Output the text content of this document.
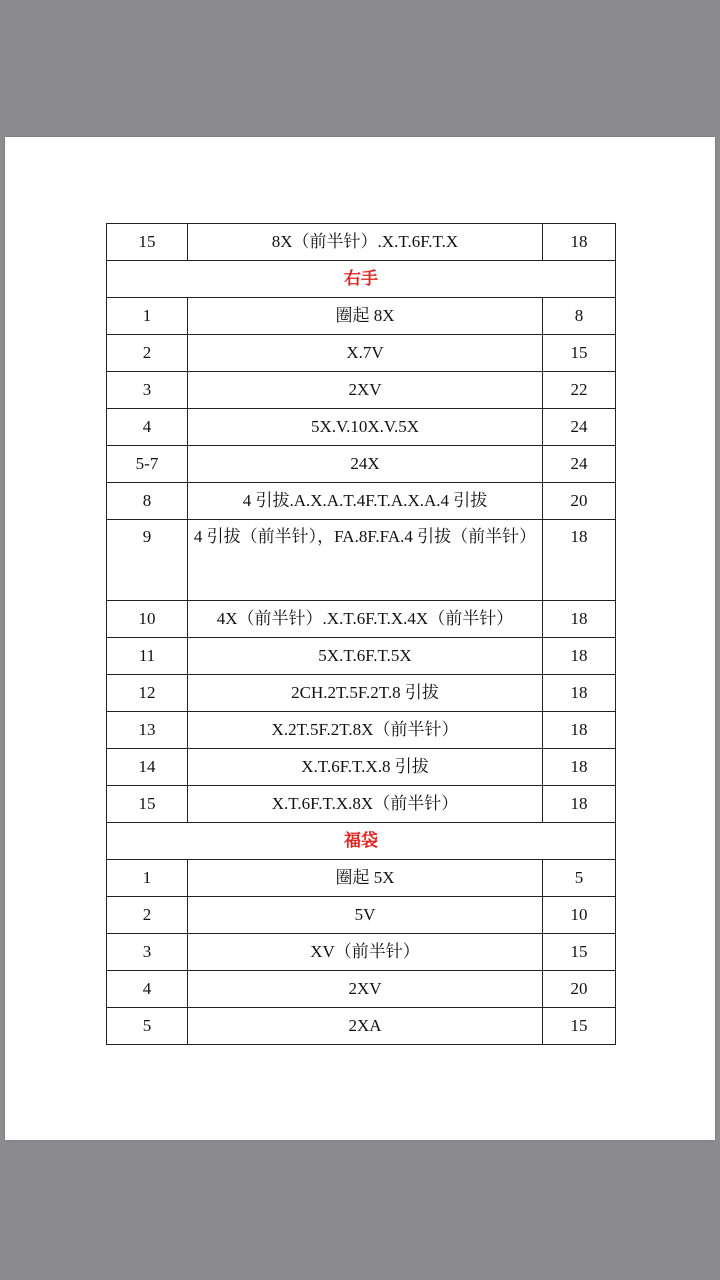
15	8X（前半针）.X.T.6F.T.X	18
右手		
1	圈起 8X	8
2	X.7V	15
3	2XV	22
4	5X.V.10X.V.5X	24
5-7	24X	24
8	4 引拔.A.X.A.T.4F.T.A.X.A.4 引拔	20
9	4 引拔（前半针），FA.8F.FA.4 引拔（前半针）	18
10	4X（前半针）.X.T.6F.T.X.4X（前半针）	18
11	5X.T.6F.T.5X	18
12	2CH.2T.5F.2T.8 引拔	18
13	X.2T.5F.2T.8X（前半针）	18
14	X.T.6F.T.X.8 引拔	18
15	X.T.6F.T.X.8X（前半针）	18
福袋		
1	圈起 5X	5
2	5V	10
3	XV（前半针）	15
4	2XV	20
5	2XA	15
